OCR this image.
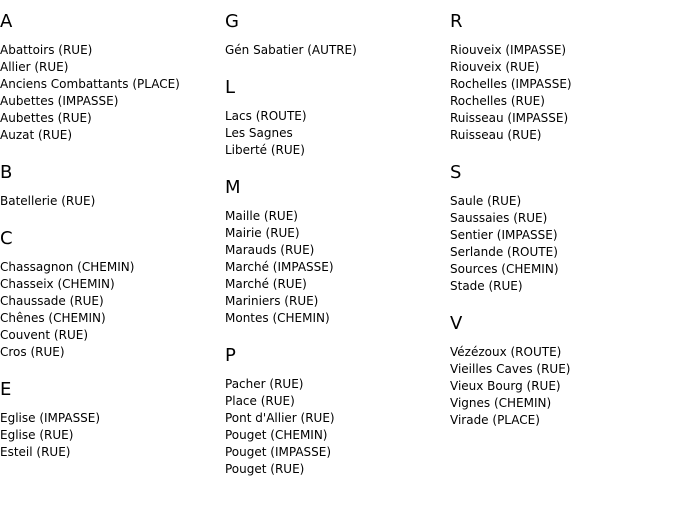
A
Abattoirs (RUE)
Allier (RUE)
Anciens Combattants (PLACE)
Aubettes (IMPASSE)
Aubettes (RUE)
Auzat (RUE)
B
Batellerie (RUE)
C
Chassagnon (CHEMIN)
Chasseix (CHEMIN)
Chaussade (RUE)
Chênes (CHEMIN)
Couvent (RUE)
Cros (RUE)
E
Eglise (IMPASSE)
Eglise (RUE)
Esteil (RUE)
G
Gén Sabatier (AUTRE)
L
Lacs (ROUTE)
Les Sagnes
Liberté (RUE)
M
Maille (RUE)
Mairie (RUE)
Marauds (RUE)
Marché (IMPASSE)
Marché (RUE)
Mariniers (RUE)
Montes (CHEMIN)
P
Pacher (RUE)
Place (RUE)
Pont d'Allier (RUE)
Pouget (CHEMIN)
Pouget (IMPASSE)
Pouget (RUE)
R
Riouveix (IMPASSE)
Riouveix (RUE)
Rochelles (IMPASSE)
Rochelles (RUE)
Ruisseau (IMPASSE)
Ruisseau (RUE)
S
Saule (RUE)
Saussaies (RUE)
Sentier (IMPASSE)
Serlande (ROUTE)
Sources (CHEMIN)
Stade (RUE)
V
Vézézoux (ROUTE)
Vieilles Caves (RUE)
Vieux Bourg (RUE)
Vignes (CHEMIN)
Virade (PLACE)
